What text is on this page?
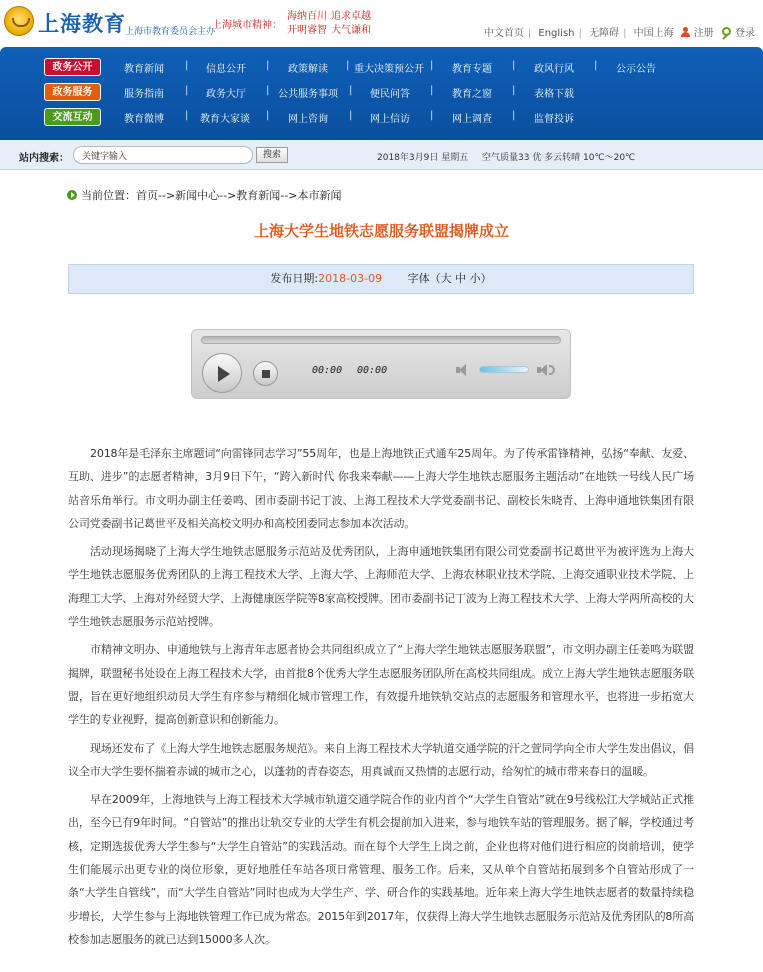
上海教育 上海市教育委员会主办
上海城市精神：
海纳百川 追求卓越
开明睿智 大气谦和	中文首页 | English | 无障碍 | 中国上海 注册 登录
政务公开	教育新闻 | 信息公开 | 政策解读 | 重大决策预公开 | 教育专题 | 政风行风 | 公示公告
政务服务	服务指南 | 政务大厅 | 公共服务事项 | 便民问答 | 教育之窗 | 表格下载
交流互动	教育微博 | 教育大家谈 | 网上咨询 | 网上信访 | 网上调查 | 监督投诉
站内搜索：
关键字输入	搜索	2018年3月9日 星期五 空气质量33 优 多云转晴 10℃～20℃
当前位置：首页-->新闻中心-->教育新闻-->本市新闻
上海大学生地铁志愿服务联盟揭牌成立
发布日期:2018-03-09 字体（大 中 小）
00:00 00:00

2018年是毛泽东主席题词“向雷锋同志学习”55周年，也是上海地铁正式通车25周年。为了传承雷锋精神，弘扬“奉献、友爱、互助、进步”的志愿者精神，3月9日下午，“跨入新时代 你我来奉献——上海大学生地铁志愿服务主题活动”在地铁一号线人民广场站音乐角举行。市文明办副主任姜鸣、团市委副书记丁波、上海工程技术大学党委副书记、副校长朱晓青、上海申通地铁集团有限公司党委副书记葛世平及相关高校文明办和高校团委同志参加本次活动。

活动现场揭晓了上海大学生地铁志愿服务示范站及优秀团队，上海申通地铁集团有限公司党委副书记葛世平为被评选为上海大学生地铁志愿服务优秀团队的上海工程技术大学、上海大学、上海师范大学、上海农林职业技术学院、上海交通职业技术学院、上海理工大学、上海对外经贸大学、上海健康医学院等8家高校授牌。团市委副书记丁波为上海工程技术大学、上海大学两所高校的大学生地铁志愿服务示范站授牌。

市精神文明办、申通地铁与上海青年志愿者协会共同组织成立了“上海大学生地铁志愿服务联盟”，市文明办副主任姜鸣为联盟揭牌，联盟秘书处设在上海工程技术大学，由首批8个优秀大学生志愿服务团队所在高校共同组成。成立上海大学生地铁志愿服务联盟，旨在更好地组织动员大学生有序参与精细化城市管理工作，有效提升地铁轨交站点的志愿服务和管理水平，也将进一步拓宽大学生的专业视野，提高创新意识和创新能力。

现场还发布了《上海大学生地铁志愿服务规范》。来自上海工程技术大学轨道交通学院的汗之萱同学向全市大学生发出倡议，倡议全市大学生要怀揣着赤诚的城市之心，以蓬勃的青春姿态，用真诚而又热情的志愿行动，给匆忙的城市带来春日的温暖。

早在2009年，上海地铁与上海工程技术大学城市轨道交通学院合作的业内首个“大学生自管站”就在9号线松江大学城站正式推出，至今已有9年时间。“自管站”的推出让轨交专业的大学生有机会提前加入进来，参与地铁车站的管理服务。据了解，学校通过考核，定期选拔优秀大学生参与“大学生自管站”的实践活动。而在每个大学生上岗之前，企业也将对他们进行相应的岗前培训，使学生们能展示出更专业的岗位形象，更好地胜任车站各项日常管理、服务工作。后来，又从单个自管站拓展到多个自管站形成了一条“大学生自管线”，而“大学生自管站”同时也成为大学生产、学、研合作的实践基地。近年来上海大学生地铁志愿者的数量持续稳步增长，大学生参与上海地铁管理工作已成为常态。2015年到2017年，仅获得上海大学生地铁志愿服务示范站及优秀团队的8所高校参加志愿服务的就已达到15000多人次。
